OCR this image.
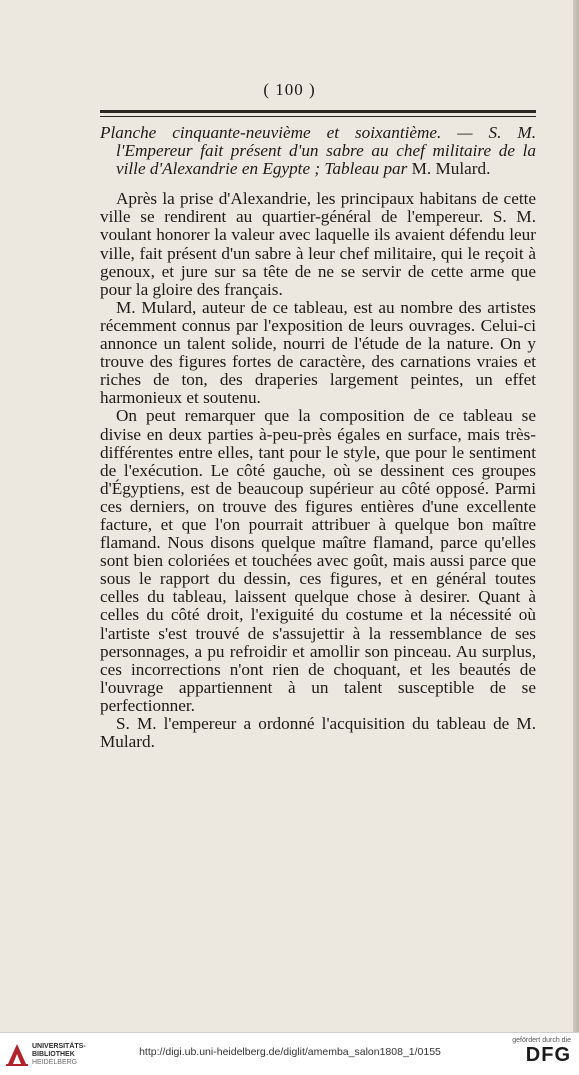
( 100 )

Planche cinquante-neuvième et soixantième. — S. M. l'Empereur fait présent d'un sabre au chef militaire de la ville d'Alexandrie en Egypte ; Tableau par M. Mulard.

Après la prise d'Alexandrie, les principaux habitans de cette ville se rendirent au quartier-général de l'empereur. S. M. voulant honorer la valeur avec laquelle ils avaient défendu leur ville, fait présent d'un sabre à leur chef militaire, qui le reçoit à genoux, et jure sur sa tête de ne se servir de cette arme que pour la gloire des français.

M. Mulard, auteur de ce tableau, est au nombre des artistes récemment connus par l'exposition de leurs ouvrages. Celui-ci annonce un talent solide, nourri de l'étude de la nature. On y trouve des figures fortes de caractère, des carnations vraies et riches de ton, des draperies largement peintes, un effet harmonieux et soutenu.

On peut remarquer que la composition de ce tableau se divise en deux parties à-peu-près égales en surface, mais très-différentes entre elles, tant pour le style, que pour le sentiment de l'exécution. Le côté gauche, où se dessinent ces groupes d'Égyptiens, est de beaucoup supérieur au côté opposé. Parmi ces derniers, on trouve des figures entières d'une excellente facture, et que l'on pourrait attribuer à quelque bon maître flamand. Nous disons quelque maître flamand, parce qu'elles sont bien coloriées et touchées avec goût, mais aussi parce que sous le rapport du dessin, ces figures, et en général toutes celles du tableau, laissent quelque chose à desirer. Quant à celles du côté droit, l'exiguité du costume et la nécessité où l'artiste s'est trouvé de s'assujettir à la ressemblance de ses personnages, a pu refroidir et amollir son pinceau. Au surplus, ces incorrections n'ont rien de choquant, et les beautés de l'ouvrage appartiennent à un talent susceptible de se perfectionner.

S. M. l'empereur a ordonné l'acquisition du tableau de M. Mulard.

UNIVERSITÄTS-
BIBLIOTHEK
HEIDELBERG
http://digi.ub.uni-heidelberg.de/diglit/amemba_salon1808_1/0155
gefördert durch die
DFG
